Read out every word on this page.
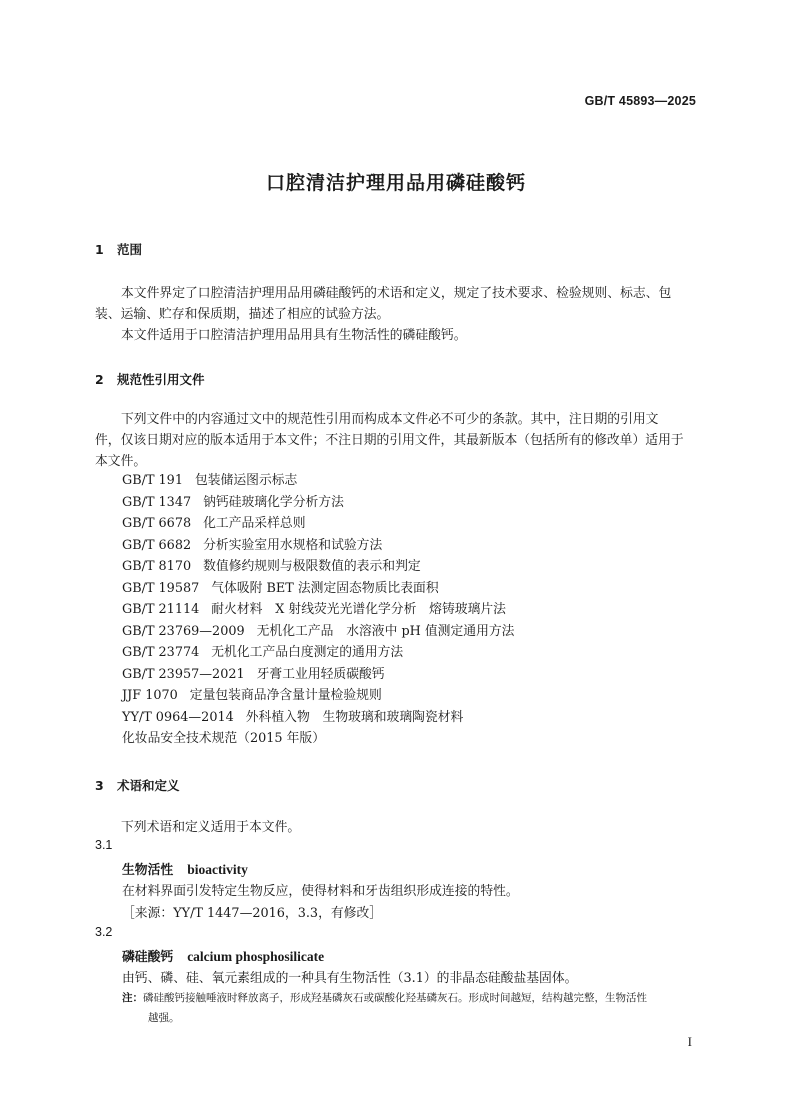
GB/T 45893—2025
口腔清洁护理用品用磷硅酸钙
1 范围
本文件界定了口腔清洁护理用品用磷硅酸钙的术语和定义，规定了技术要求、检验规则、标志、包
装、运输、贮存和保质期，描述了相应的试验方法。
本文件适用于口腔清洁护理用品用具有生物活性的磷硅酸钙。
2 规范性引用文件
下列文件中的内容通过文中的规范性引用而构成本文件必不可少的条款。其中，注日期的引用文
件，仅该日期对应的版本适用于本文件；不注日期的引用文件，其最新版本（包括所有的修改单）适用于
本文件。
GB/T 191 包装储运图示标志
GB/T 1347 钠钙硅玻璃化学分析方法
GB/T 6678 化工产品采样总则
GB/T 6682 分析实验室用水规格和试验方法
GB/T 8170 数值修约规则与极限数值的表示和判定
GB/T 19587 气体吸附 BET 法测定固态物质比表面积
GB/T 21114 耐火材料　X 射线荧光光谱化学分析　熔铸玻璃片法
GB/T 23769—2009 无机化工产品　水溶液中 pH 值测定通用方法
GB/T 23774 无机化工产品白度测定的通用方法
GB/T 23957—2021 牙膏工业用轻质碳酸钙
JJF 1070 定量包装商品净含量计量检验规则
YY/T 0964—2014 外科植入物　生物玻璃和玻璃陶瓷材料
化妆品安全技术规范（2015 年版）
3 术语和定义
下列术语和定义适用于本文件。
3.1
生物活性 bioactivity
在材料界面引发特定生物反应，使得材料和牙齿组织形成连接的特性。
［来源：YY/T 1447—2016，3.3，有修改］
3.2
磷硅酸钙 calcium phosphosilicate
由钙、磷、硅、氧元素组成的一种具有生物活性（3.1）的非晶态硅酸盐基固体。
注：磷硅酸钙接触唾液时释放离子，形成羟基磷灰石或碳酸化羟基磷灰石。形成时间越短，结构越完整，生物活性
越强。
I
